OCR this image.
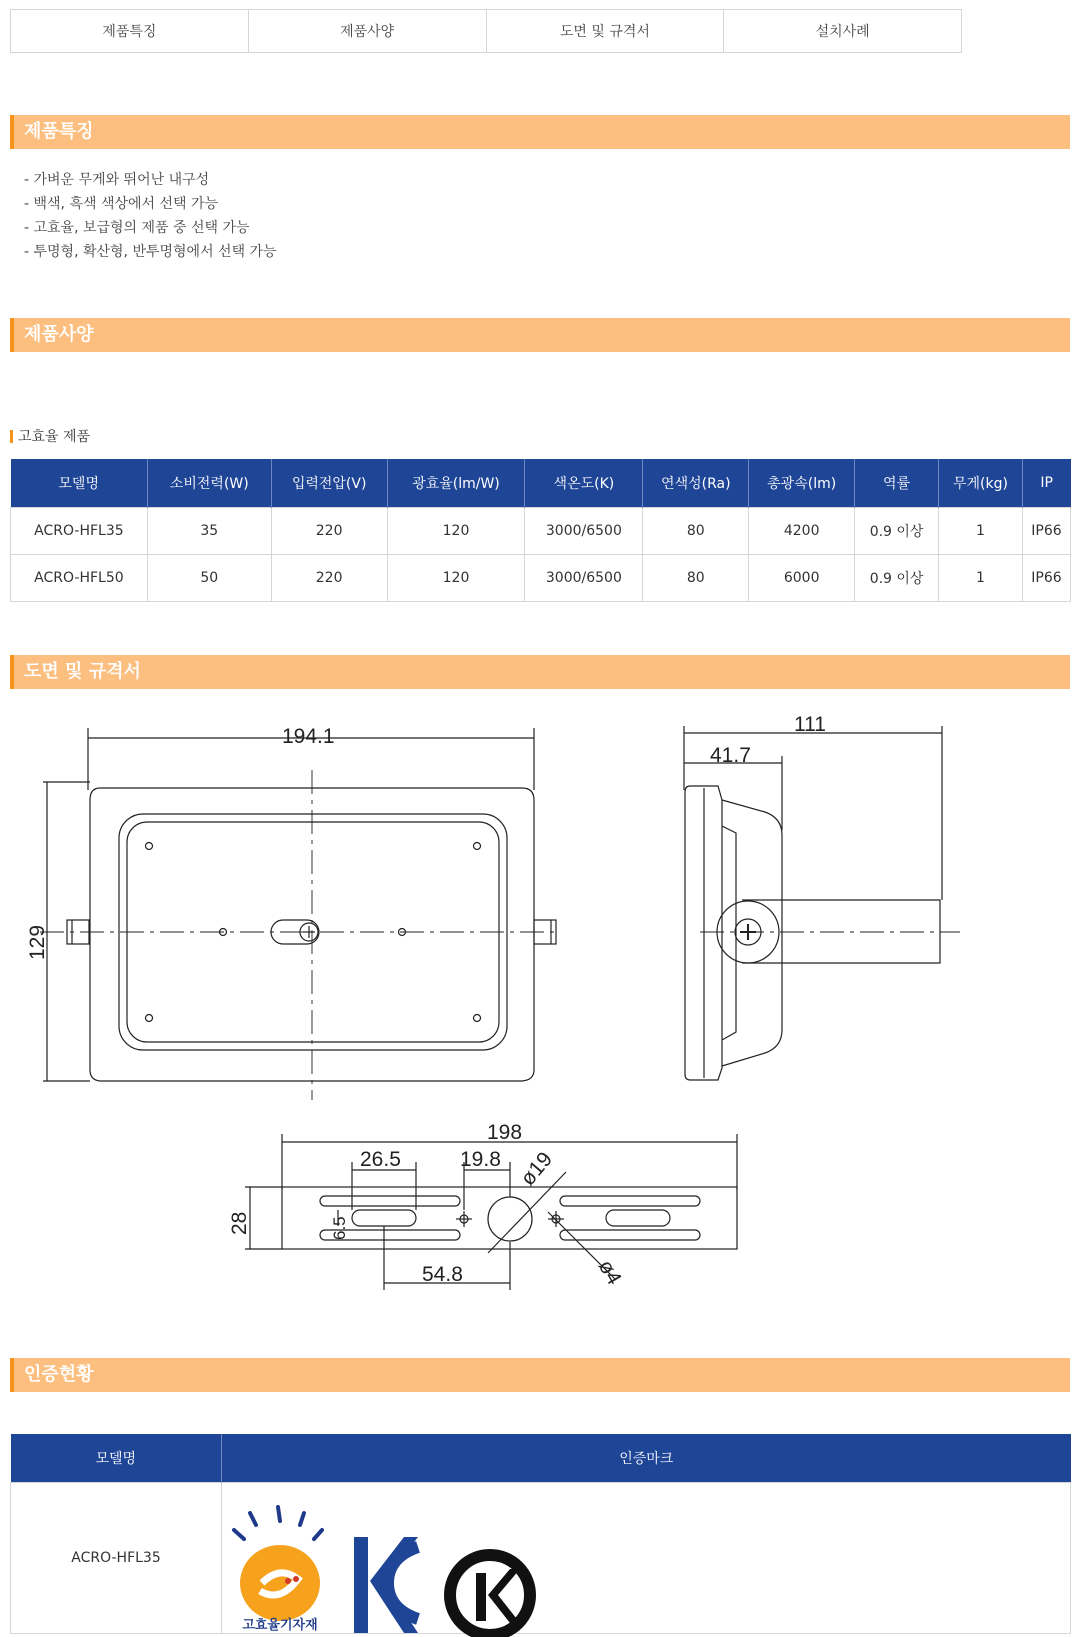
제품특징	제품사양	도면 및 규격서	설치사례
제품특징
- 가벼운 무게와 뛰어난 내구성
- 백색, 흑색 색상에서 선택 가능
- 고효율, 보급형의 제품 중 선택 가능
- 투명형, 확산형, 반투명형에서 선택 가능
제품사양
고효율 제품
모델명	소비전력(W)	입력전압(V)	광효율(lm/W)	색온도(K)	연색성(Ra)	총광속(lm)	역률	무게(kg)	IP
ACRO-HFL35	35	220	120	3000/6500	80	4200	0.9 이상	1	IP66
ACRO-HFL50	50	220	120	3000/6500	80	6000	0.9 이상	1	IP66
도면 및 규격서
194.1
129
111
41.7
198
26.5	19.8 ø19
28	6.5
54.8	ø4
인증현황
모델명	인증마크
ACRO-HFL35	고효율기자재
